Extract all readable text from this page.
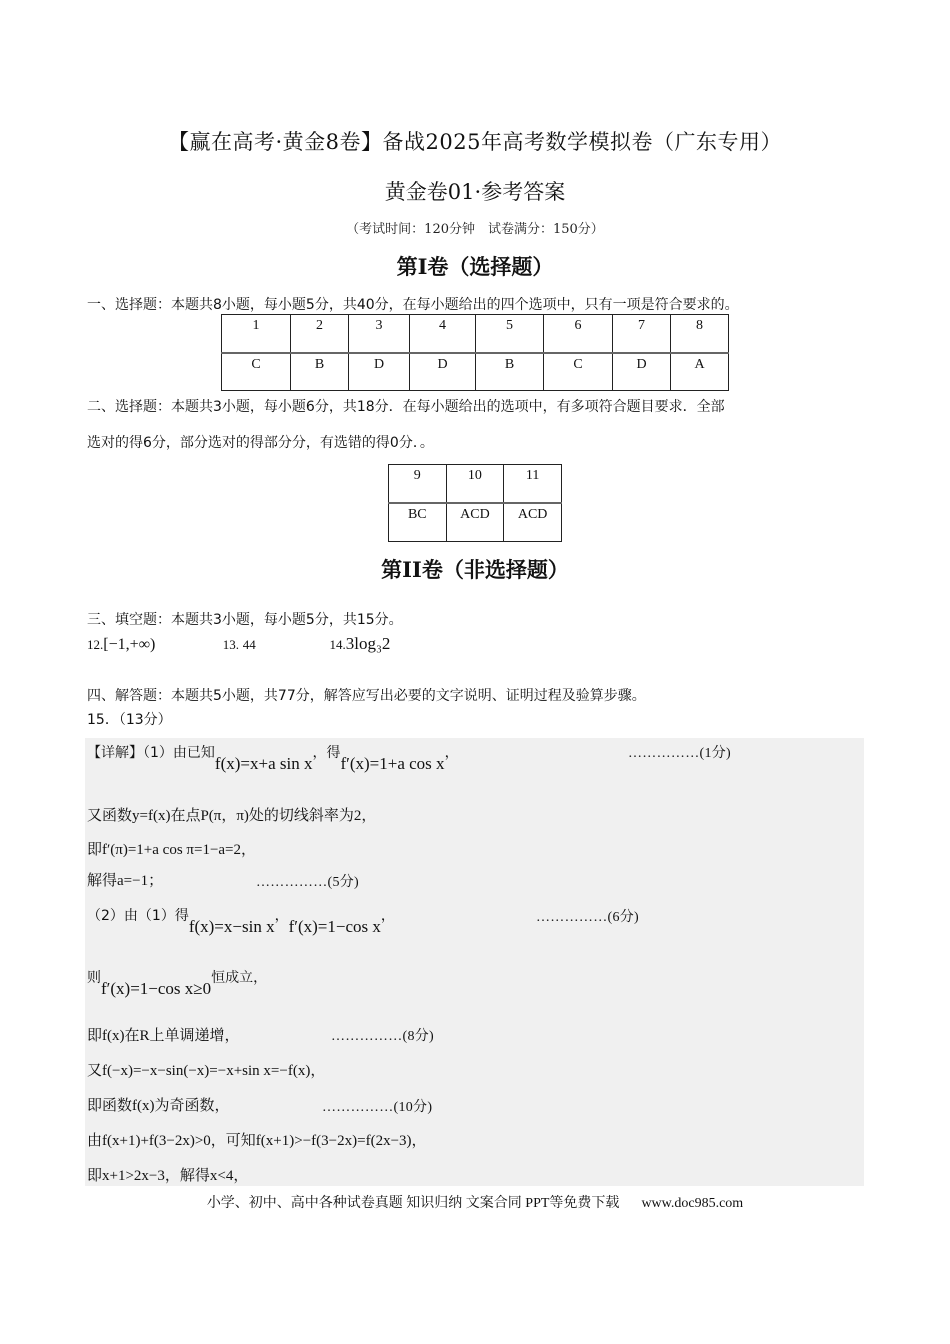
【赢在高考·黄金8卷】备战2025年高考数学模拟卷（广东专用）
黄金卷01·参考答案
（考试时间：120分钟　试卷满分：150分）
第I卷（选择题）
一、选择题：本题共8小题，每小题5分，共40分，在每小题给出的四个选项中，只有一项是符合要求的。
1	2	3	4	5	6	7	8
C	B	D	D	B	C	D	A
二、选择题：本题共3小题，每小题6分，共18分．在每小题给出的选项中，有多项符合题目要求．全部
选对的得6分，部分选对的得部分分，有选错的得0分．。
9	10	11
BC	ACD	ACD
第II卷（非选择题）
三、填空题：本题共3小题，每小题5分，共15分。
12.[−1,+∞)	13. 44	14.3log₃2
四、解答题：本题共5小题，共77分，解答应写出必要的文字说明、证明过程及验算步骤。
15．（13分）
【详解】（1）由已知f(x)=x+a sin x，得f′(x)=1+a cos x，	……………(1分)
又函数y=f(x)在点P(π，π)处的切线斜率为2，
即f′(π)=1+a cos π=1−a=2，
解得a=−1；	……………(5分)
（2）由（1）得f(x)=x−sin x，f′(x)=1−cos x，	……………(6分)
则f′(x)=1−cos x≥0恒成立，
即f(x)在R上单调递增，	……………(8分)
又f(−x)=−x−sin(−x)=−x+sin x=−f(x)，
即函数f(x)为奇函数，	……………(10分)
由f(x+1)+f(3−2x)>0，可知f(x+1)>−f(3−2x)=f(2x−3)，
即x+1>2x−3，解得x<4，
小学、初中、高中各种试卷真题 知识归纳 文案合同 PPT等免费下载 www.doc985.com
